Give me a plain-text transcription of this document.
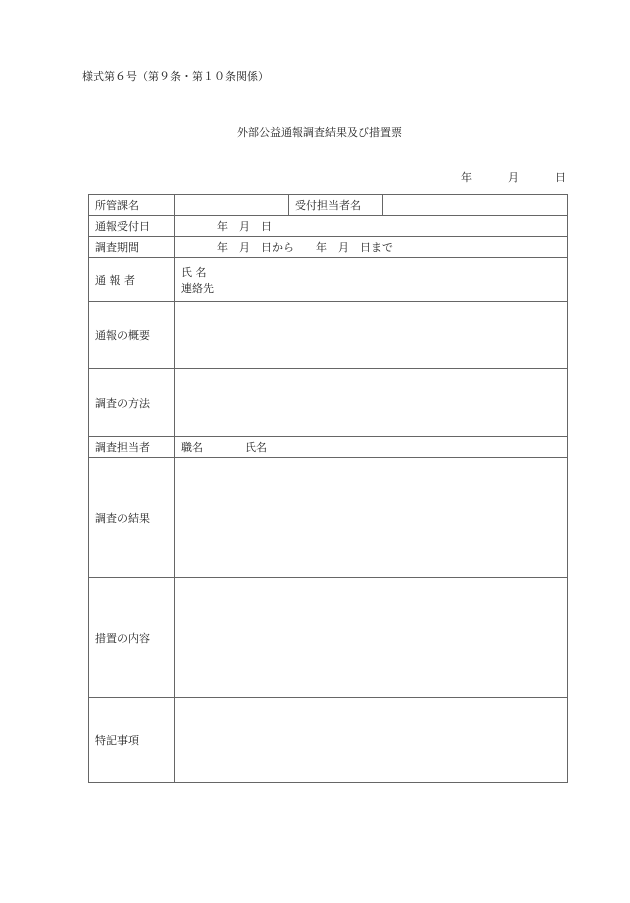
様式第６号（第９条・第１０条関係）
外部公益通報調査結果及び措置票
年	月	日
所管課名		受付担当者名	
通報受付日	年　月　日		
調査期間	年　月　日から　　年　月　日まで		
通 報 者	氏 名
連絡先		

通報の概要			
調査の方法			
調査担当者	職名 氏名		
調査の結果			
措置の内容			
特記事項			
